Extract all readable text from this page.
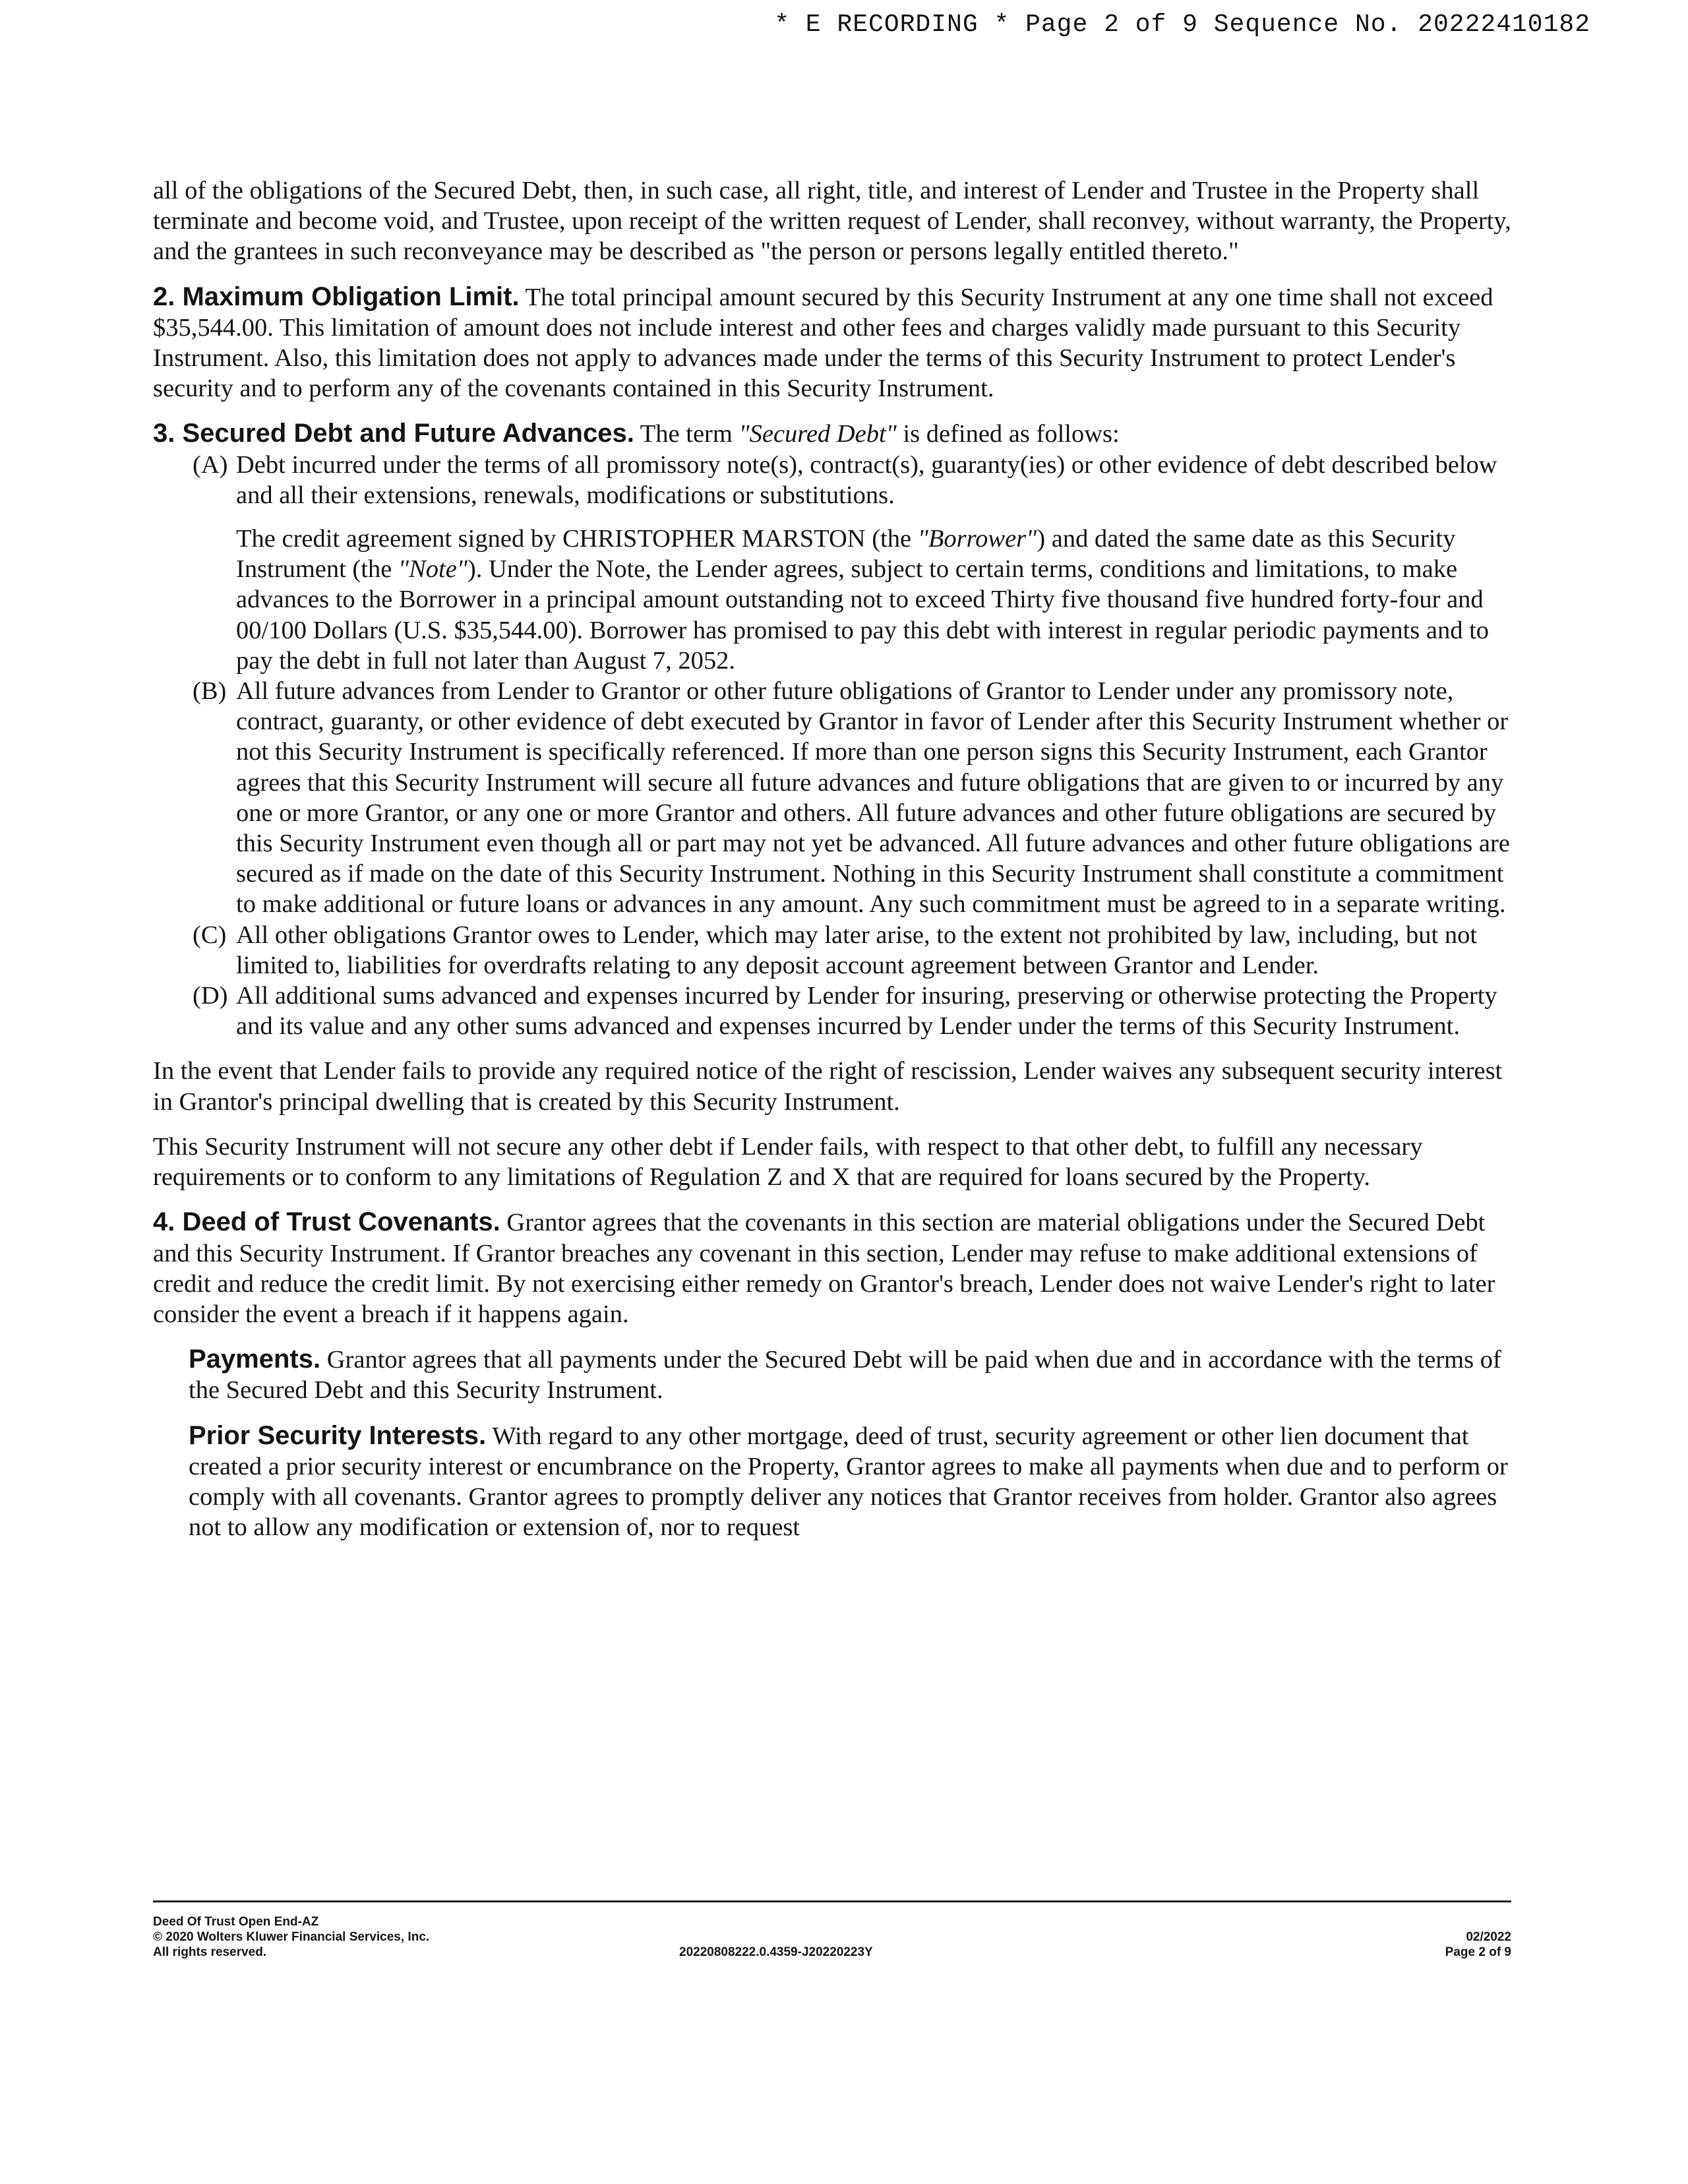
* E RECORDING * Page 2 of 9 Sequence No. 20222410182

all of the obligations of the Secured Debt, then, in such case, all right, title, and interest of Lender and Trustee in the Property shall terminate and become void, and Trustee, upon receipt of the written request of Lender, shall reconvey, without warranty, the Property, and the grantees in such reconveyance may be described as "the person or persons legally entitled thereto."

2. Maximum Obligation Limit. The total principal amount secured by this Security Instrument at any one time shall not exceed $35,544.00. This limitation of amount does not include interest and other fees and charges validly made pursuant to this Security Instrument. Also, this limitation does not apply to advances made under the terms of this Security Instrument to protect Lender's security and to perform any of the covenants contained in this Security Instrument.

3. Secured Debt and Future Advances. The term "Secured Debt" is defined as follows:

(A) Debt incurred under the terms of all promissory note(s), contract(s), guaranty(ies) or other evidence of debt described below and all their extensions, renewals, modifications or substitutions.

The credit agreement signed by CHRISTOPHER MARSTON (the "Borrower") and dated the same date as this Security Instrument (the "Note"). Under the Note, the Lender agrees, subject to certain terms, conditions and limitations, to make advances to the Borrower in a principal amount outstanding not to exceed Thirty five thousand five hundred forty-four and 00/100 Dollars (U.S. $35,544.00). Borrower has promised to pay this debt with interest in regular periodic payments and to pay the debt in full not later than August 7, 2052.

(B) All future advances from Lender to Grantor or other future obligations of Grantor to Lender under any promissory note, contract, guaranty, or other evidence of debt executed by Grantor in favor of Lender after this Security Instrument whether or not this Security Instrument is specifically referenced. If more than one person signs this Security Instrument, each Grantor agrees that this Security Instrument will secure all future advances and future obligations that are given to or incurred by any one or more Grantor, or any one or more Grantor and others. All future advances and other future obligations are secured by this Security Instrument even though all or part may not yet be advanced. All future advances and other future obligations are secured as if made on the date of this Security Instrument. Nothing in this Security Instrument shall constitute a commitment to make additional or future loans or advances in any amount. Any such commitment must be agreed to in a separate writing.
(C) All other obligations Grantor owes to Lender, which may later arise, to the extent not prohibited by law, including, but not limited to, liabilities for overdrafts relating to any deposit account agreement between Grantor and Lender.
(D) All additional sums advanced and expenses incurred by Lender for insuring, preserving or otherwise protecting the Property and its value and any other sums advanced and expenses incurred by Lender under the terms of this Security Instrument.

In the event that Lender fails to provide any required notice of the right of rescission, Lender waives any subsequent security interest in Grantor's principal dwelling that is created by this Security Instrument.

This Security Instrument will not secure any other debt if Lender fails, with respect to that other debt, to fulfill any necessary requirements or to conform to any limitations of Regulation Z and X that are required for loans secured by the Property.

4. Deed of Trust Covenants. Grantor agrees that the covenants in this section are material obligations under the Secured Debt and this Security Instrument. If Grantor breaches any covenant in this section, Lender may refuse to make additional extensions of credit and reduce the credit limit. By not exercising either remedy on Grantor's breach, Lender does not waive Lender's right to later consider the event a breach if it happens again.

Payments. Grantor agrees that all payments under the Secured Debt will be paid when due and in accordance with the terms of the Secured Debt and this Security Instrument.

Prior Security Interests. With regard to any other mortgage, deed of trust, security agreement or other lien document that created a prior security interest or encumbrance on the Property, Grantor agrees to make all payments when due and to perform or comply with all covenants. Grantor agrees to promptly deliver any notices that Grantor receives from holder. Grantor also agrees not to allow any modification or extension of, nor to request

Deed Of Trust Open End-AZ
© 2020 Wolters Kluwer Financial Services, Inc.
All rights reserved.	20220808222.0.4359-J20220223Y
02/2022
Page 2 of 9
